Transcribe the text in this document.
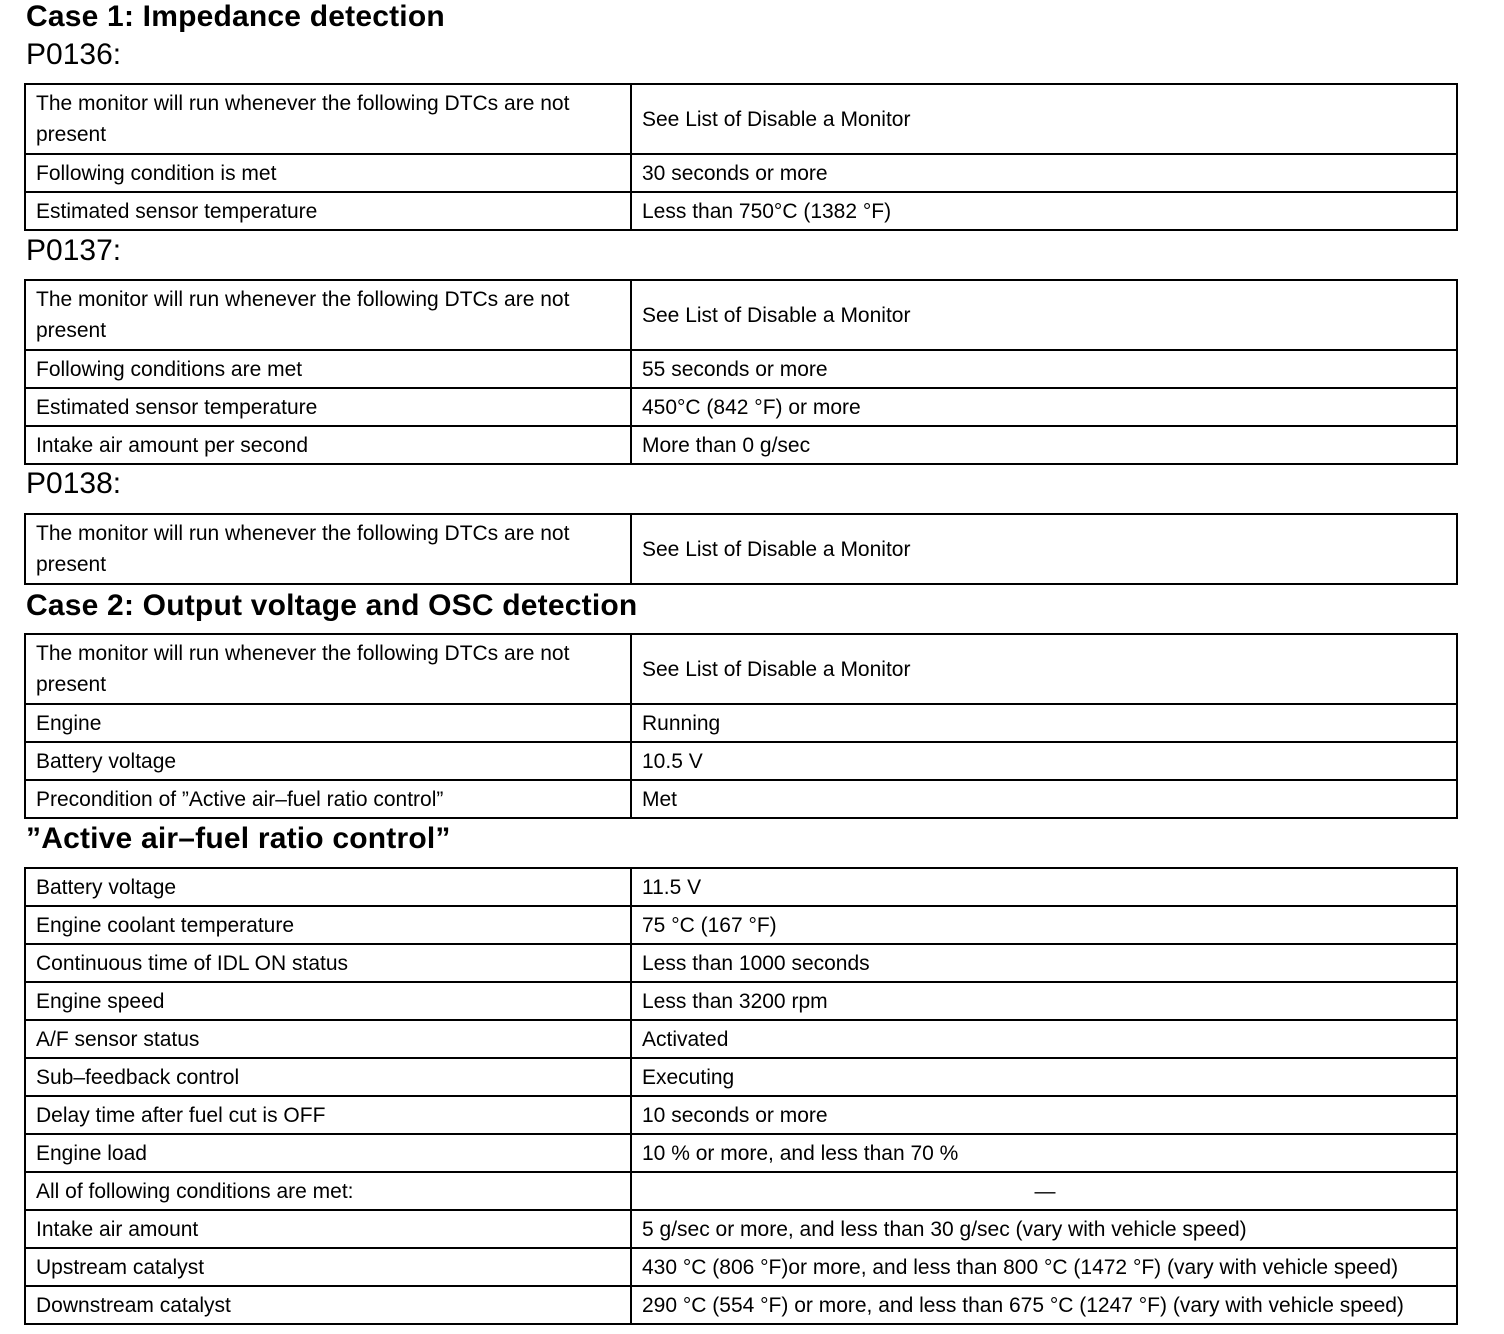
Case 1: Impedance detection
P0136:
The monitor will run whenever the following DTCs are not present	See List of Disable a Monitor
Following condition is met	30 seconds or more
Estimated sensor temperature	Less than 750°C (1382 °F)
P0137:
The monitor will run whenever the following DTCs are not present	See List of Disable a Monitor
Following conditions are met	55 seconds or more
Estimated sensor temperature	450°C (842 °F) or more
Intake air amount per second	More than 0 g/sec
P0138:
The monitor will run whenever the following DTCs are not present	See List of Disable a Monitor
Case 2: Output voltage and OSC detection
The monitor will run whenever the following DTCs are not present	See List of Disable a Monitor
Engine	Running
Battery voltage	10.5 V
Precondition of ”Active air–fuel ratio control”	Met
”Active air–fuel ratio control”
Battery voltage	11.5 V
Engine coolant temperature	75 °C (167 °F)
Continuous time of IDL ON status	Less than 1000 seconds
Engine speed	Less than 3200 rpm
A/F sensor status	Activated
Sub–feedback control	Executing
Delay time after fuel cut is OFF	10 seconds or more
Engine load	10 % or more, and less than 70 %
All of following conditions are met:	—
Intake air amount	5 g/sec or more, and less than 30 g/sec (vary with vehicle speed)
Upstream catalyst	430 °C (806 °F)or more, and less than 800 °C (1472 °F) (vary with vehicle speed)
Downstream catalyst	290 °C (554 °F) or more, and less than 675 °C (1247 °F) (vary with vehicle speed)
